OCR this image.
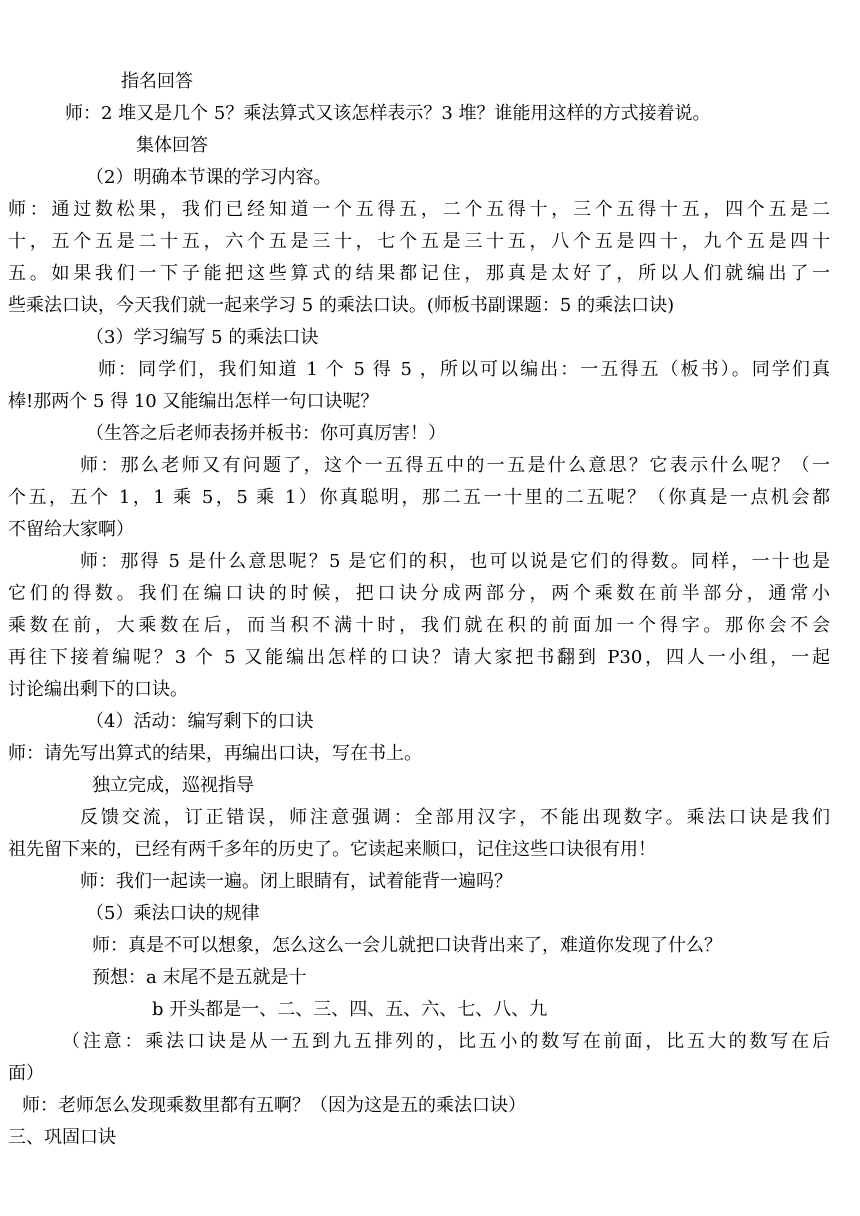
指名回答
师：2 堆又是几个 5？乘法算式又该怎样表示？3 堆？谁能用这样的方式接着说。
集体回答
（2）明确本节课的学习内容。
师：通过数松果，我们已经知道一个五得五，二个五得十，三个五得十五，四个五是二
十，五个五是二十五，六个五是三十，七个五是三十五，八个五是四十，九个五是四十
五。如果我们一下子能把这些算式的结果都记住，那真是太好了，所以人们就编出了一
些乘法口诀，今天我们就一起来学习 5 的乘法口诀。(师板书副课题：5 的乘法口诀)
（3）学习编写 5 的乘法口诀
师：同学们，我们知道 1 个 5 得 5 ，所以可以编出：一五得五（板书）。同学们真
棒!那两个 5 得 10 又能编出怎样一句口诀呢？
（生答之后老师表扬并板书：你可真厉害！）
师：那么老师又有问题了，这个一五得五中的一五是什么意思？它表示什么呢？（一
个五，五个 1，1 乘 5，5 乘 1）你真聪明，那二五一十里的二五呢？（你真是一点机会都
不留给大家啊）
师：那得 5 是什么意思呢？5 是它们的积，也可以说是它们的得数。同样，一十也是
它们的得数。我们在编口诀的时候，把口诀分成两部分，两个乘数在前半部分，通常小
乘数在前，大乘数在后，而当积不满十时，我们就在积的前面加一个得字。那你会不会
再往下接着编呢？3 个 5 又能编出怎样的口诀？请大家把书翻到 P30，四人一小组，一起
讨论编出剩下的口诀。
（4）活动：编写剩下的口诀
师：请先写出算式的结果，再编出口诀，写在书上。
独立完成，巡视指导
反馈交流，订正错误，师注意强调：全部用汉字，不能出现数字。乘法口诀是我们
祖先留下来的，已经有两千多年的历史了。它读起来顺口，记住这些口诀很有用！
师：我们一起读一遍。闭上眼睛有，试着能背一遍吗？
（5）乘法口诀的规律
师：真是不可以想象，怎么这么一会儿就把口诀背出来了，难道你发现了什么？
预想：a 末尾不是五就是十
b 开头都是一、二、三、四、五、六、七、八、九
（注意：乘法口诀是从一五到九五排列的，比五小的数写在前面，比五大的数写在后
面）
师：老师怎么发现乘数里都有五啊？（因为这是五的乘法口诀）
三、巩固口诀
